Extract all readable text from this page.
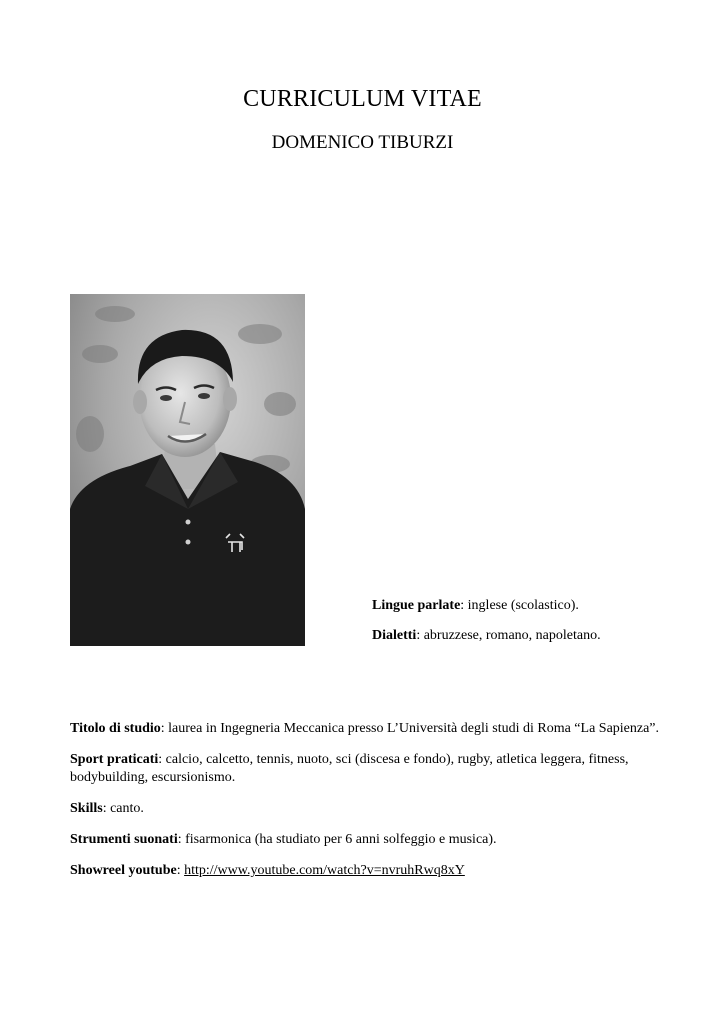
CURRICULUM VITAE
DOMENICO TIBURZI

Lingue parlate: inglese (scolastico).

Dialetti: abruzzese, romano, napoletano.

Titolo di studio: laurea in Ingegneria Meccanica presso L’Università degli studi di Roma “La Sapienza”.

Sport praticati: calcio, calcetto, tennis, nuoto, sci (discesa e fondo), rugby, atletica leggera, fitness, bodybuilding, escursionismo.

Skills: canto.

Strumenti suonati: fisarmonica (ha studiato per 6 anni solfeggio e musica).

Showreel youtube: http://www.youtube.com/watch?v=nvruhRwq8xY
